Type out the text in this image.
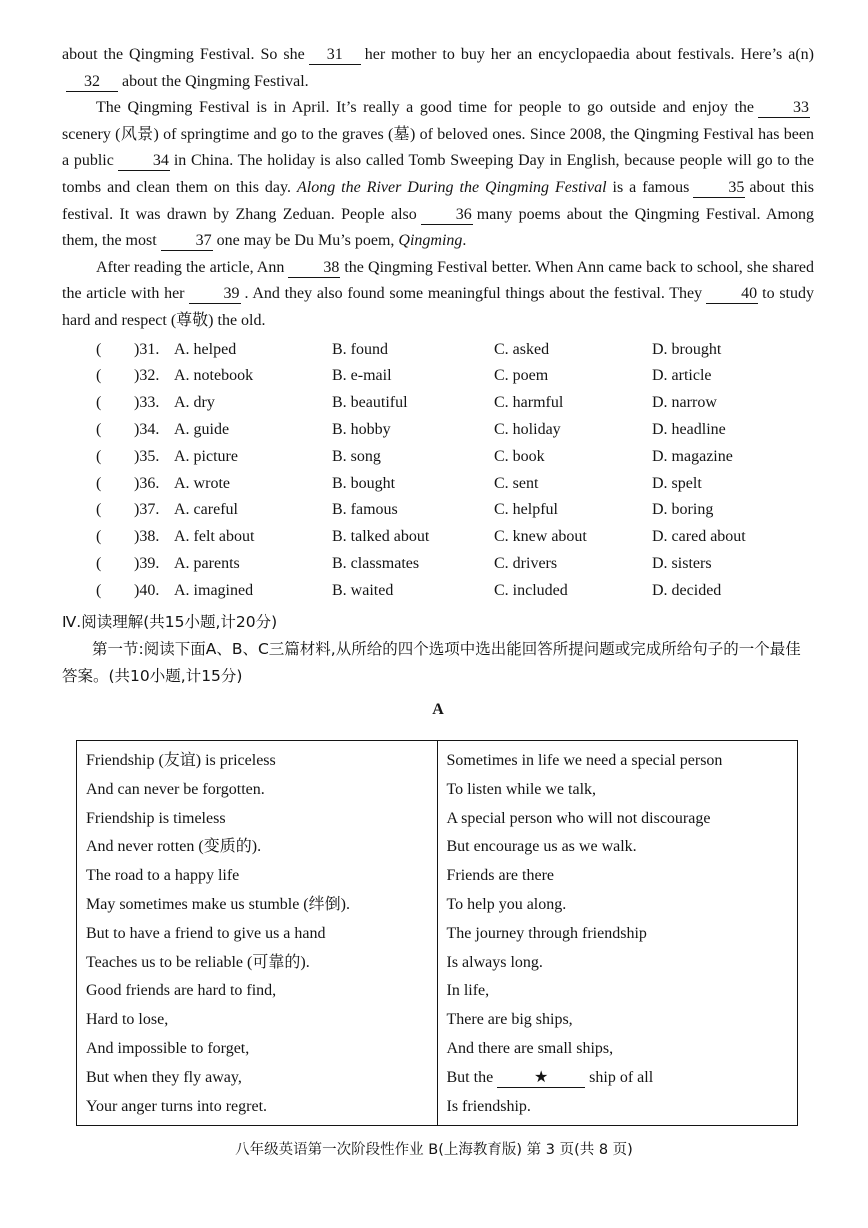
about the Qingming Festival. So she 31 her mother to buy her an encyclopaedia about festivals. Here’s a(n)32 about the Qingming Festival.

The Qingming Festival is in April. It’s really a good time for people to go outside and enjoy the 33scenery (风景) of springtime and go to the graves (墓) of beloved ones. Since 2008, the Qingming Festival has been a public 34 in China. The holiday is also called Tomb Sweeping Day in English, because people will go to the tombs and clean them on this day. Along the River During the Qingming Festival is a famous 35 about this festival. It was drawn by Zhang Zeduan. People also 36 many poems about the Qingming Festival. Among them, the most 37 one may be Du Mu’s poem, Qingming.

After reading the article, Ann 38 the Qingming Festival better. When Ann came back to school, she shared the article with her 39 . And they also found some meaningful things about the festival. They 40 to study hard and respect (尊敬) the old.

(	)31. A. helped	B. found	C. asked	D. brought
(	)32. A. notebook	B. e-mail	C. poem	D. article
(	)33. A. dry	B. beautiful	C. harmful	D. narrow
(	)34. A. guide	B. hobby	C. holiday	D. headline
(	)35. A. picture	B. song	C. book	D. magazine
(	)36. A. wrote	B. bought	C. sent	D. spelt
(	)37. A. careful	B. famous	C. helpful	D. boring
(	)38. A. felt about	B. talked about	C. knew about	D. cared about
(	)39. A. parents	B. classmates	C. drivers	D. sisters
(	)40. A. imagined	B. waited	C. included	D. decided
Ⅳ.阅读理解(共15小题,计20分)
第一节:阅读下面A、B、C三篇材料,从所给的四个选项中选出能回答所提问题或完成所给句子的一个最佳答案。(共10小题,计15分)
A
Friendship (友谊) is priceless
And can never be forgotten.
Friendship is timeless
And never rotten (变质的).
The road to a happy life
May sometimes make us stumble (绊倒).
But to have a friend to give us a hand
Teaches us to be reliable (可靠的).
Good friends are hard to find,
Hard to lose,
And impossible to forget,
But when they fly away,
Your anger turns into regret.

Sometimes in life we need a special person
To listen while we talk,
A special person who will not discourage
But encourage us as we walk.
Friends are there
To help you along.
The journey through friendship
Is always long.
In life,
There are big ships,
And there are small ships,
But the	★	ship of all
Is friendship.
八年级英语第一次阶段性作业 B(上海教育版) 第 3 页(共 8 页)
